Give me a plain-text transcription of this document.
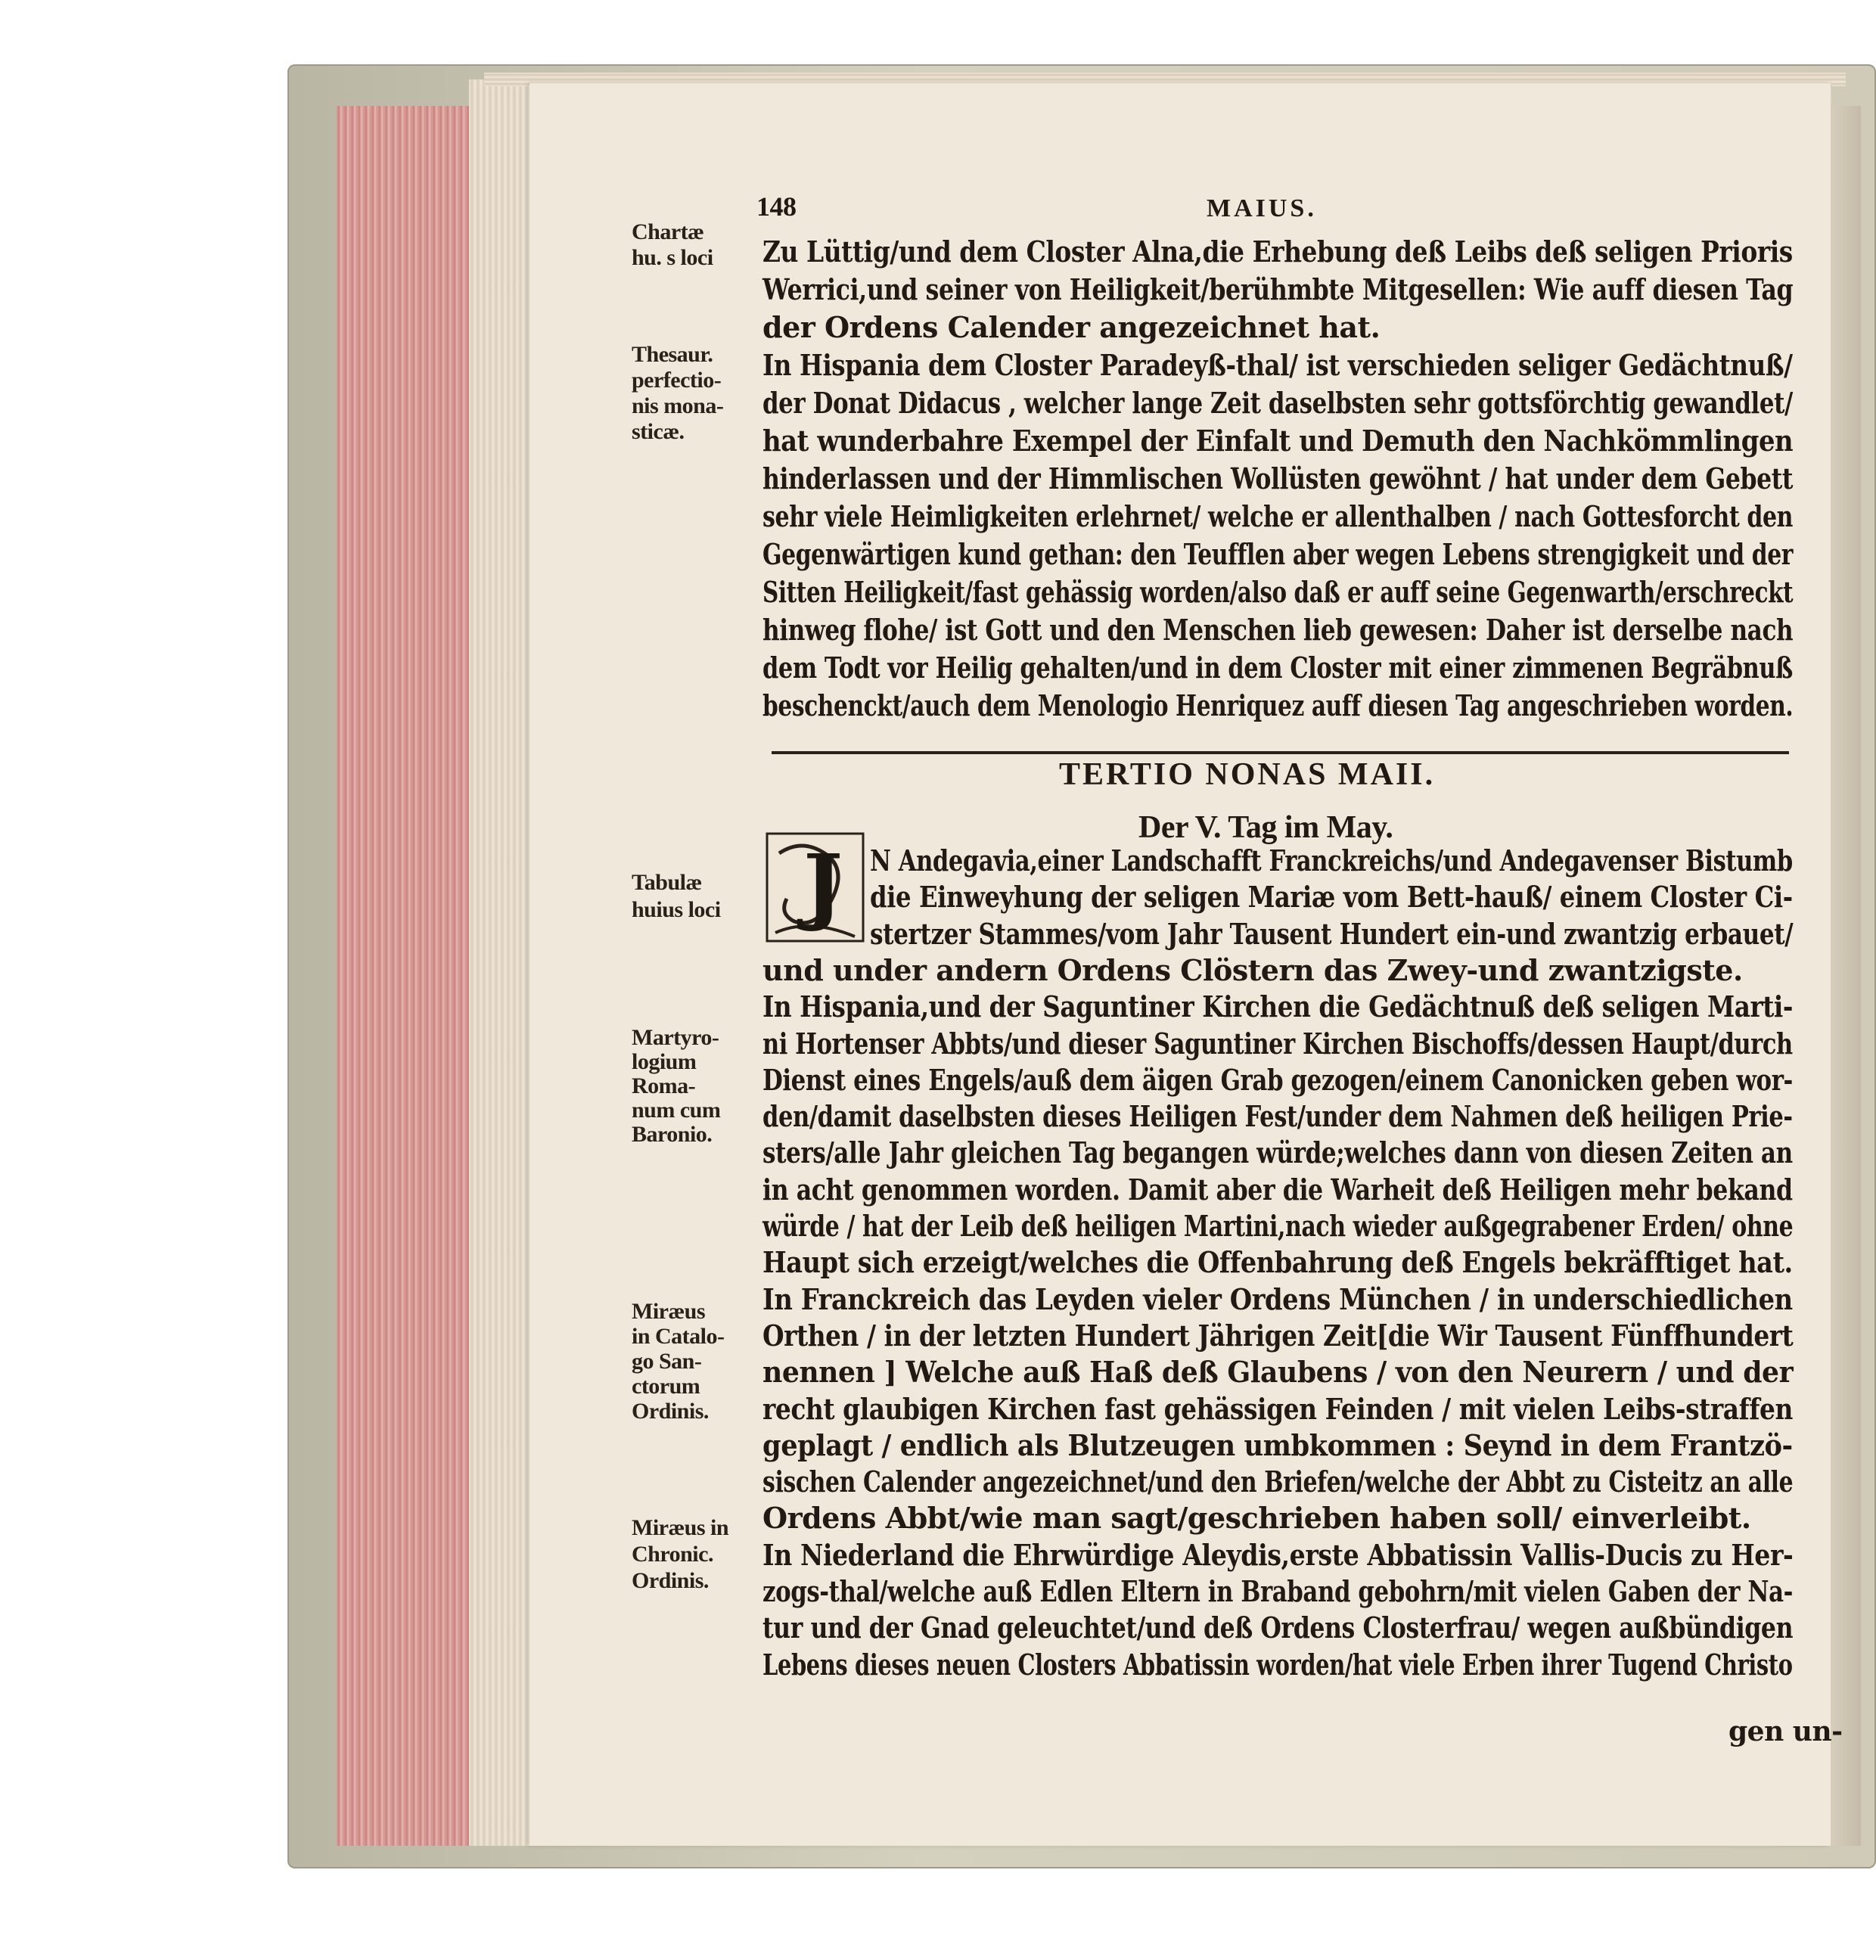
148	MAIUS.
Chartæ
hu. s loci
Thesaur.
perfectio-
nis mona-
sticæ.
Tabulæ
huius loci
Martyro-
logium
Roma-
num cum
Baronio.
Miræus
in Catalo-
go San-
ctorum
Ordinis.
Miræus in
Chronic.
Ordinis.
Zu Lüttig/und dem Closter Alna,die Erhebung deß Leibs deß seligen Prioris
Werrici,und seiner von Heiligkeit/berühmbte Mitgesellen: Wie auff diesen Tag
der Ordens Calender angezeichnet hat.
In Hispania dem Closter Paradeyß-thal/ ist verschieden seliger Gedächtnuß/
der Donat Didacus , welcher lange Zeit daselbsten sehr gottsförchtig gewandlet/
hat wunderbahre Exempel der Einfalt und Demuth den Nachkömmlingen
hinderlassen und der Himmlischen Wollüsten gewöhnt / hat under dem Gebett
sehr viele Heimligkeiten erlehrnet/ welche er allenthalben / nach Gottesforcht den
Gegenwärtigen kund gethan: den Teufflen aber wegen Lebens strengigkeit und der
Sitten Heiligkeit/fast gehässig worden/also daß er auff seine Gegenwarth/erschreckt
hinweg flohe/ ist Gott und den Menschen lieb gewesen: Daher ist derselbe nach
dem Todt vor Heilig gehalten/und in dem Closter mit einer zimmenen Begräbnuß
beschenckt/auch dem Menologio Henriquez auff diesen Tag angeschrieben worden.
TERTIO NONAS MAII.
Der V. Tag im May.
J N Andegavia,einer Landschafft Franckreichs/und Andegavenser Bistumb
die Einweyhung der seligen Mariæ vom Bett-hauß/ einem Closter Ci-
stertzer Stammes/vom Jahr Tausent Hundert ein-und zwantzig erbauet/
und under andern Ordens Clöstern das Zwey-und zwantzigste.
In Hispania,und der Saguntiner Kirchen die Gedächtnuß deß seligen Marti-
ni Hortenser Abbts/und dieser Saguntiner Kirchen Bischoffs/dessen Haupt/durch
Dienst eines Engels/auß dem äigen Grab gezogen/einem Canonicken geben wor-
den/damit daselbsten dieses Heiligen Fest/under dem Nahmen deß heiligen Prie-
sters/alle Jahr gleichen Tag begangen würde;welches dann von diesen Zeiten an
in acht genommen worden. Damit aber die Warheit deß Heiligen mehr bekand
würde / hat der Leib deß heiligen Martini,nach wieder außgegrabener Erden/ ohne
Haupt sich erzeigt/welches die Offenbahrung deß Engels bekräfftiget hat.
In Franckreich das Leyden vieler Ordens München / in underschiedlichen
Orthen / in der letzten Hundert Jährigen Zeit[die Wir Tausent Fünffhundert
nennen ] Welche auß Haß deß Glaubens / von den Neurern / und der
recht glaubigen Kirchen fast gehässigen Feinden / mit vielen Leibs-straffen
geplagt / endlich als Blutzeugen umbkommen : Seynd in dem Frantzö-
sischen Calender angezeichnet/und den Briefen/welche der Abbt zu Cisteitz an alle
Ordens Abbt/wie man sagt/geschrieben haben soll/ einverleibt.
In Niederland die Ehrwürdige Aleydis,erste Abbatissin Vallis-Ducis zu Her-
zogs-thal/welche auß Edlen Eltern in Braband gebohrn/mit vielen Gaben der Na-
tur und der Gnad geleuchtet/und deß Ordens Closterfrau/ wegen außbündigen
Lebens dieses neuen Closters Abbatissin worden/hat viele Erben ihrer Tugend Christo
gen un-
